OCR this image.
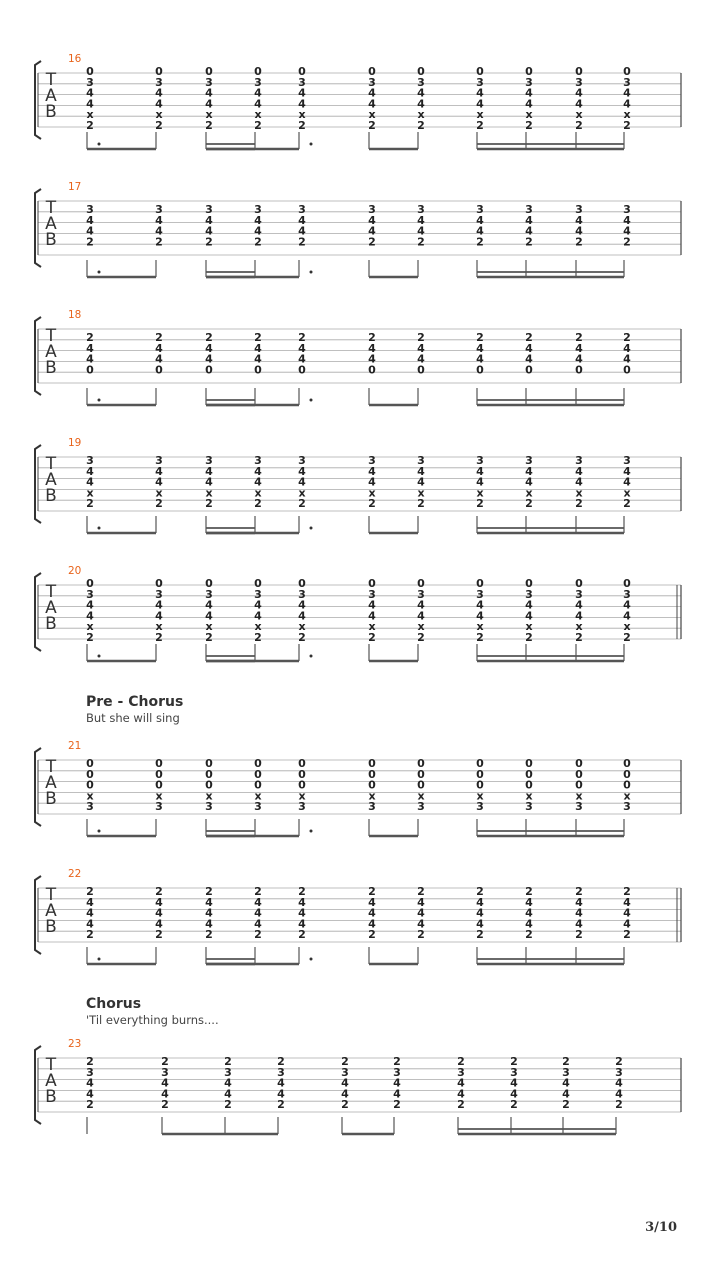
16
T
A
B
0
3
4
4
x
2
0
3
4
4
x
2
0
3
4
4
x
2
0
3
4
4
x
2
0
3
4
4
x
2
0
3
4
4
x
2
0
3
4
4
x
2
0
3
4
4
x
2
0
3
4
4
x
2
0
3
4
4
x
2
0
3
4
4
x
2
17
T
A
B
3
4
4
2
3
4
4
2
3
4
4
2
3
4
4
2
3
4
4
2
3
4
4
2
3
4
4
2
3
4
4
2
3
4
4
2
3
4
4
2
3
4
4
2
18
T
A
B
2
4
4
0
2
4
4
0
2
4
4
0
2
4
4
0
2
4
4
0
2
4
4
0
2
4
4
0
2
4
4
0
2
4
4
0
2
4
4
0
2
4
4
0
19
T
A
B
3
4
4
x
2
3
4
4
x
2
3
4
4
x
2
3
4
4
x
2
3
4
4
x
2
3
4
4
x
2
3
4
4
x
2
3
4
4
x
2
3
4
4
x
2
3
4
4
x
2
3
4
4
x
2
20
T
A
B
0
3
4
4
x
2
0
3
4
4
x
2
0
3
4
4
x
2
0
3
4
4
x
2
0
3
4
4
x
2
0
3
4
4
x
2
0
3
4
4
x
2
0
3
4
4
x
2
0
3
4
4
x
2
0
3
4
4
x
2
0
3
4
4
x
2
21
T
A
B
0
0
0
x
3
0
0
0
x
3
0
0
0
x
3
0
0
0
x
3
0
0
0
x
3
0
0
0
x
3
0
0
0
x
3
0
0
0
x
3
0
0
0
x
3
0
0
0
x
3
0
0
0
x
3
22
T
A
B
2
4
4
4
2
2
4
4
4
2
2
4
4
4
2
2
4
4
4
2
2
4
4
4
2
2
4
4
4
2
2
4
4
4
2
2
4
4
4
2
2
4
4
4
2
2
4
4
4
2
2
4
4
4
2
23
T
A
B
2
3
4
4
2
2
3
4
4
2
2
3
4
4
2
2
3
4
4
2
2
3
4
4
2
2
3
4
4
2
2
3
4
4
2
2
3
4
4
2
2
3
4
4
2
2
3
4
4
2
Pre - Chorus
But she will sing
Chorus
'Til everything burns....
3/10
